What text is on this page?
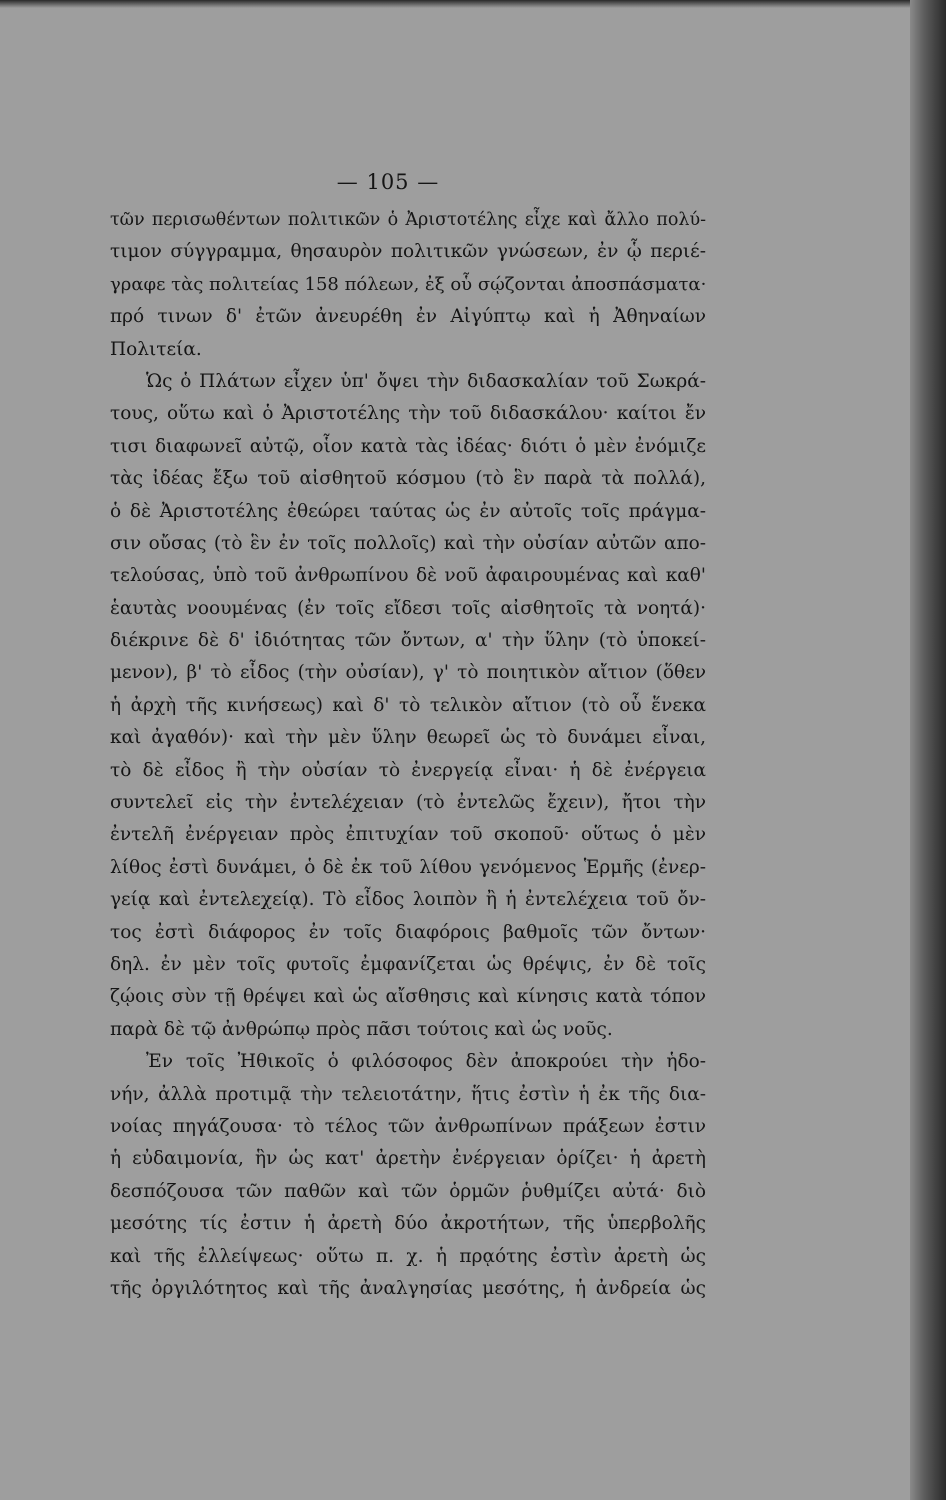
— 105 —
τῶν περισωθέντων πολιτικῶν ὁ Ἀριστοτέλης εἶχε καὶ ἄλλο πολύ-
τιμον σύγγραμμα, θησαυρὸν πολιτικῶν γνώσεων, ἐν ᾧ περιέ-
γραφε τὰς πολιτείας 158 πόλεων, ἐξ οὗ σῴζονται ἀποσπάσματα·
πρό τινων δ' ἐτῶν ἀνευρέθη ἐν Αἰγύπτῳ καὶ ἡ Ἀθηναίων
Πολιτεία.
Ὡς ὁ Πλάτων εἶχεν ὑπ' ὄψει τὴν διδασκαλίαν τοῦ Σωκρά-
τους, οὕτω καὶ ὁ Ἀριστοτέλης τὴν τοῦ διδασκάλου· καίτοι ἔν
τισι διαφωνεῖ αὐτῷ, οἷον κατὰ τὰς ἰδέας· διότι ὁ μὲν ἐνόμιζε
τὰς ἰδέας ἔξω τοῦ αἰσθητοῦ κόσμου (τὸ ἓν παρὰ τὰ πολλά),
ὁ δὲ Ἀριστοτέλης ἐθεώρει ταύτας ὡς ἐν αὐτοῖς τοῖς πράγμα-
σιν οὔσας (τὸ ἓν ἐν τοῖς πολλοῖς) καὶ τὴν οὐσίαν αὐτῶν απο-
τελούσας, ὑπὸ τοῦ ἀνθρωπίνου δὲ νοῦ ἀφαιρουμένας καὶ καθ'
ἑαυτὰς νοουμένας (ἐν τοῖς εἴδεσι τοῖς αἰσθητοῖς τὰ νοητά)·
διέκρινε δὲ δ' ἰδιότητας τῶν ὄντων, α' τὴν ὕλην (τὸ ὑποκεί-
μενον), β' τὸ εἶδος (τὴν οὐσίαν), γ' τὸ ποιητικὸν αἴτιον (ὅθεν
ἡ ἀρχὴ τῆς κινήσεως) καὶ δ' τὸ τελικὸν αἴτιον (τὸ οὗ ἕνεκα
καὶ ἀγαθόν)· καὶ τὴν μὲν ὕλην θεωρεῖ ὡς τὸ δυνάμει εἶναι,
τὸ δὲ εἶδος ἢ τὴν οὐσίαν τὸ ἐνεργείᾳ εἶναι· ἡ δὲ ἐνέργεια
συντελεῖ εἰς τὴν ἐντελέχειαν (τὸ ἐντελῶς ἔχειν), ἤτοι τὴν
ἐντελῆ ἐνέργειαν πρὸς ἐπιτυχίαν τοῦ σκοποῦ· οὕτως ὁ μὲν
λίθος ἐστὶ δυνάμει, ὁ δὲ ἐκ τοῦ λίθου γενόμενος Ἑρμῆς (ἐνερ-
γείᾳ καὶ ἐντελεχείᾳ). Τὸ εἶδος λοιπὸν ἢ ἡ ἐντελέχεια τοῦ ὄν-
τος ἐστὶ διάφορος ἐν τοῖς διαφόροις βαθμοῖς τῶν ὄντων·
δηλ. ἐν μὲν τοῖς φυτοῖς ἐμφανίζεται ὡς θρέψις, ἐν δὲ τοῖς
ζῴοις σὺν τῇ θρέψει καὶ ὡς αἴσθησις καὶ κίνησις κατὰ τόπον
παρὰ δὲ τῷ ἀνθρώπῳ πρὸς πᾶσι τούτοις καὶ ὡς νοῦς.
Ἐν τοῖς Ἠθικοῖς ὁ φιλόσοφος δὲν ἀποκρούει τὴν ἡδο-
νήν, ἀλλὰ προτιμᾷ τὴν τελειοτάτην, ἥτις ἐστὶν ἡ ἐκ τῆς δια-
νοίας πηγάζουσα· τὸ τέλος τῶν ἀνθρωπίνων πράξεων ἐστιν
ἡ εὐδαιμονία, ἣν ὡς κατ' ἀρετὴν ἐνέργειαν ὁρίζει· ἡ ἀρετὴ
δεσπόζουσα τῶν παθῶν καὶ τῶν ὁρμῶν ῥυθμίζει αὐτά· διὸ
μεσότης τίς ἐστιν ἡ ἀρετὴ δύο ἀκροτήτων, τῆς ὑπερβολῆς
καὶ τῆς ἐλλείψεως· οὕτω π. χ. ἡ πρᾳότης ἐστὶν ἀρετὴ ὡς
τῆς ὀργιλότητος καὶ τῆς ἀναλγησίας μεσότης, ἡ ἀνδρεία ὡς
